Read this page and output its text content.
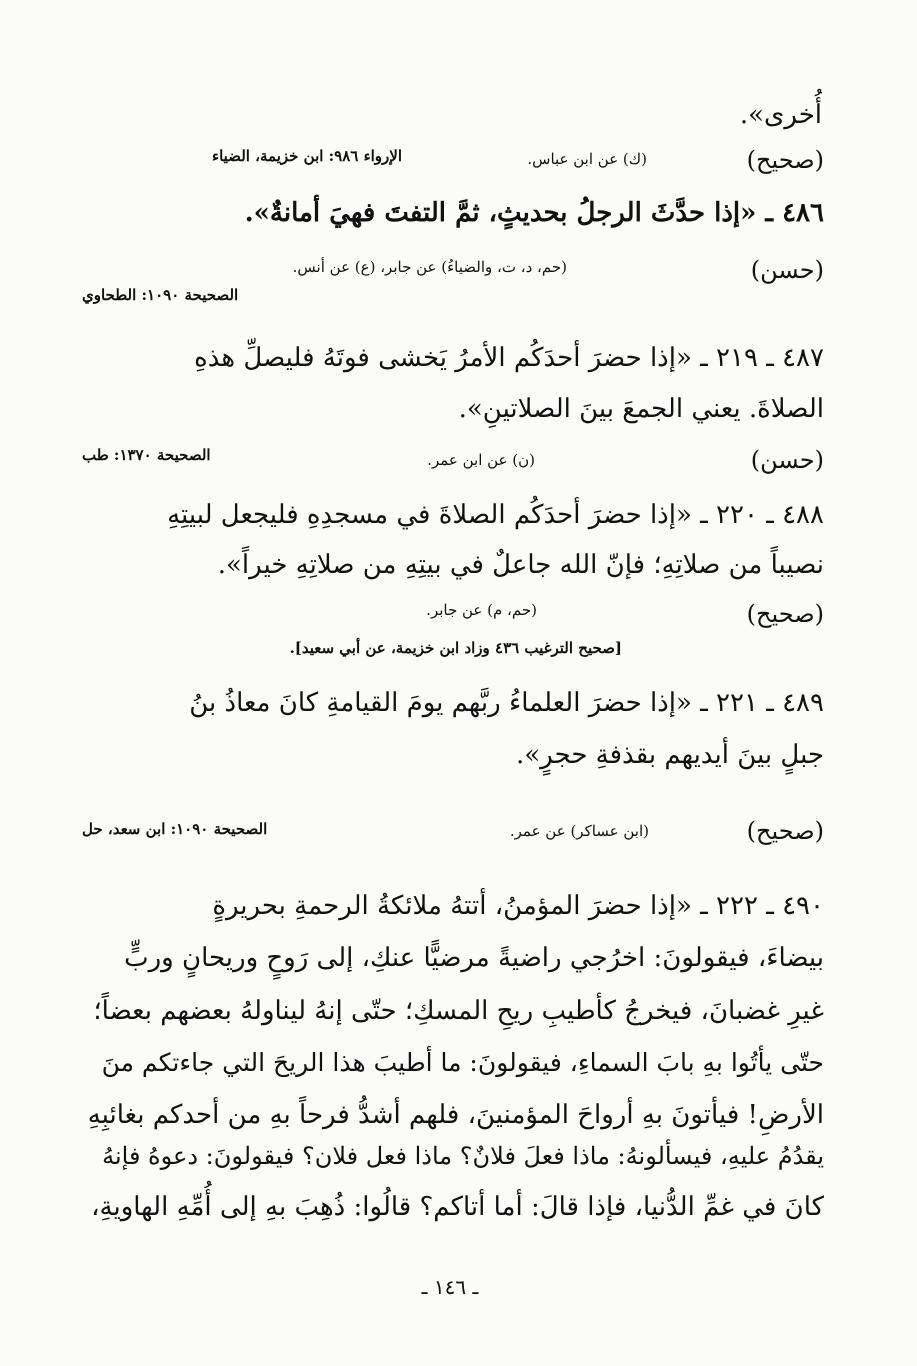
أُخرى».
(صحيح)
(ك) عن ابن عباس.
الإرواء ٩٨٦: ابن خزيمة، الضياء
٤٨٦ ـ «إذا حدَّثَ الرجلُ بحديثٍ، ثمَّ التفتَ فهيَ أمانةٌ».
(حسن)
(حم، د، ت، والضياءُ) عن جابر، (ع) عن أنس.
الصحيحة ١٠٩٠: الطحاوي
٤٨٧ ـ ٢١٩ ـ «إذا حضرَ أحدَكُم الأمرُ يَخشى فوتَهُ فليصلِّ هذهِ
الصلاةَ. يعني الجمعَ بينَ الصلاتينِ».
(حسن)
(ن) عن ابن عمر.
الصحيحة ١٣٧٠: طب
٤٨٨ ـ ٢٢٠ ـ «إذا حضرَ أحدَكُم الصلاةَ في مسجدِهِ فليجعل لبيتِهِ
نصيباً من صلاتِهِ؛ فإنّ الله جاعلٌ في بيتِهِ من صلاتِهِ خيراً».
(صحيح)
(حم، م) عن جابر.
[صحيح الترغيب ٤٣٦ وزاد ابن خزيمة، عن أبي سعيد].
٤٨٩ ـ ٢٢١ ـ «إذا حضرَ العلماءُ ربَّهم يومَ القيامةِ كانَ معاذُ بنُ
جبلٍ بينَ أيديهم بقذفةِ حجرٍ».
(صحيح)
(ابن عساكر) عن عمر.
الصحيحة ١٠٩٠: ابن سعد، حل
٤٩٠ ـ ٢٢٢ ـ «إذا حضرَ المؤمنُ، أتتهُ ملائكةُ الرحمةِ بحريرةٍ
بيضاءَ، فيقولونَ: اخرُجي راضيةً مرضيًّا عنكِ، إلى رَوحٍ وريحانٍ وربٍّ
غيرِ غضبانَ، فيخرجُ كأطيبِ ريحِ المسكِ؛ حتّى إنهُ ليناولهُ بعضهم بعضاً؛
حتّى يأتُوا بهِ بابَ السماءِ، فيقولونَ: ما أطيبَ هذا الريحَ التي جاءتكم منَ
الأرضِ! فيأتونَ بهِ أرواحَ المؤمنينَ، فلهم أشدُّ فرحاً بهِ من أحدكم بغائبِهِ
يقدُمُ عليهِ، فيسألونهُ: ماذا فعلَ فلانٌ؟ ماذا فعل فلان؟ فيقولونَ: دعوهُ فإنهُ
كانَ في غمِّ الدُّنيا، فإذا قالَ: أما أتاكم؟ قالُوا: ذُهِبَ بهِ إلى أُمِّهِ الهاويةِ،
ـ ١٤٦ ـ
